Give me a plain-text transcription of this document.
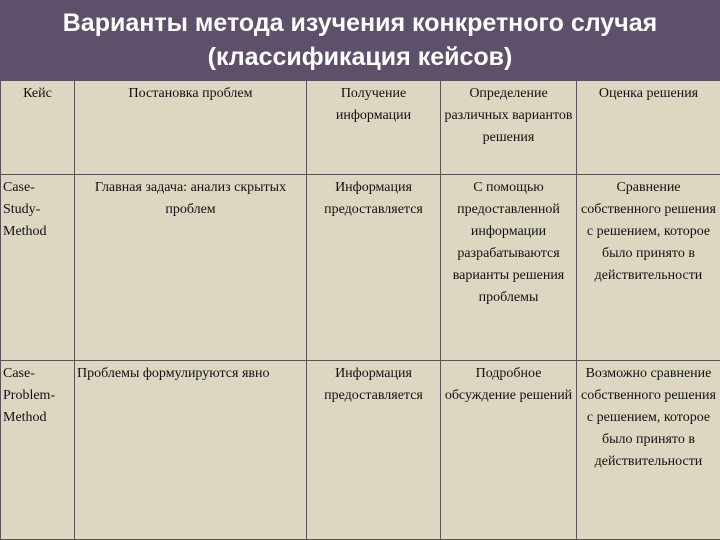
Варианты метода изучения конкретного случая
(классификация кейсов)
Кейс	Постановка проблем	Получение информации	Определение различных вариантов решения	Оценка решения
Case-Study-Method	Главная задача: анализ скрытых проблем	Информация предоставляется	С помощью предоставленной информации разрабатываются варианты решения проблемы	Сравнение собственного решения с решением, которое было принято в действительности
Case-Problem-Method	Проблемы формулируются явно	Информация предоставляется	Подробное обсуждение решений	Возможно сравнение собственного решения с решением, которое было принято в действительности
